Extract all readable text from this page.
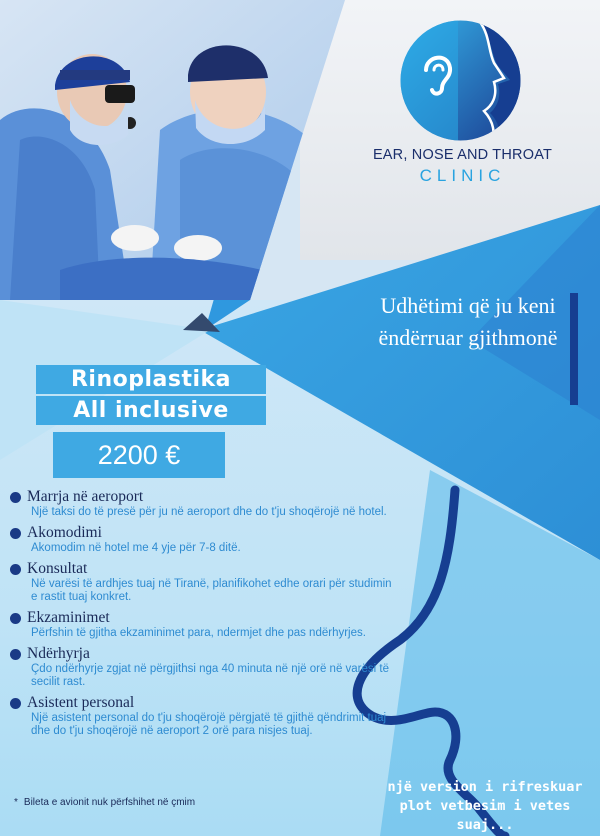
EAR, NOSE AND THROAT
CLINIC
Udhëtimi që ju keni ëndërruar gjithmonë
Rinoplastika
All inclusive
2200 €
Marrja në aeroport
Një taksi do të presë për ju në aeroport dhe do t'ju shoqërojë në hotel.
Akomodimi
Akomodim në hotel me 4 yje për 7-8 ditë.
Konsultat
Në varësi të ardhjes tuaj në Tiranë, planifikohet edhe orari për studimin e rastit tuaj konkret.
Ekzaminimet
Përfshin të gjitha ekzaminimet para, ndermjet dhe pas ndërhyrjes.
Ndërhyrja
Çdo ndërhyrje zgjat në përgjithsi nga 40 minuta në një orë në varësi të secilit rast.
Asistent personal
Një asistent personal do t'ju shoqërojë përgjatë të gjithë qëndrimit tuaj dhe do t'ju shoqërojë në aeroport 2 orë para nisjes tuaj.
* Bileta e avionit nuk përfshihet në çmim
një version i rifreskuar plot vetbesim i vetes suaj...
